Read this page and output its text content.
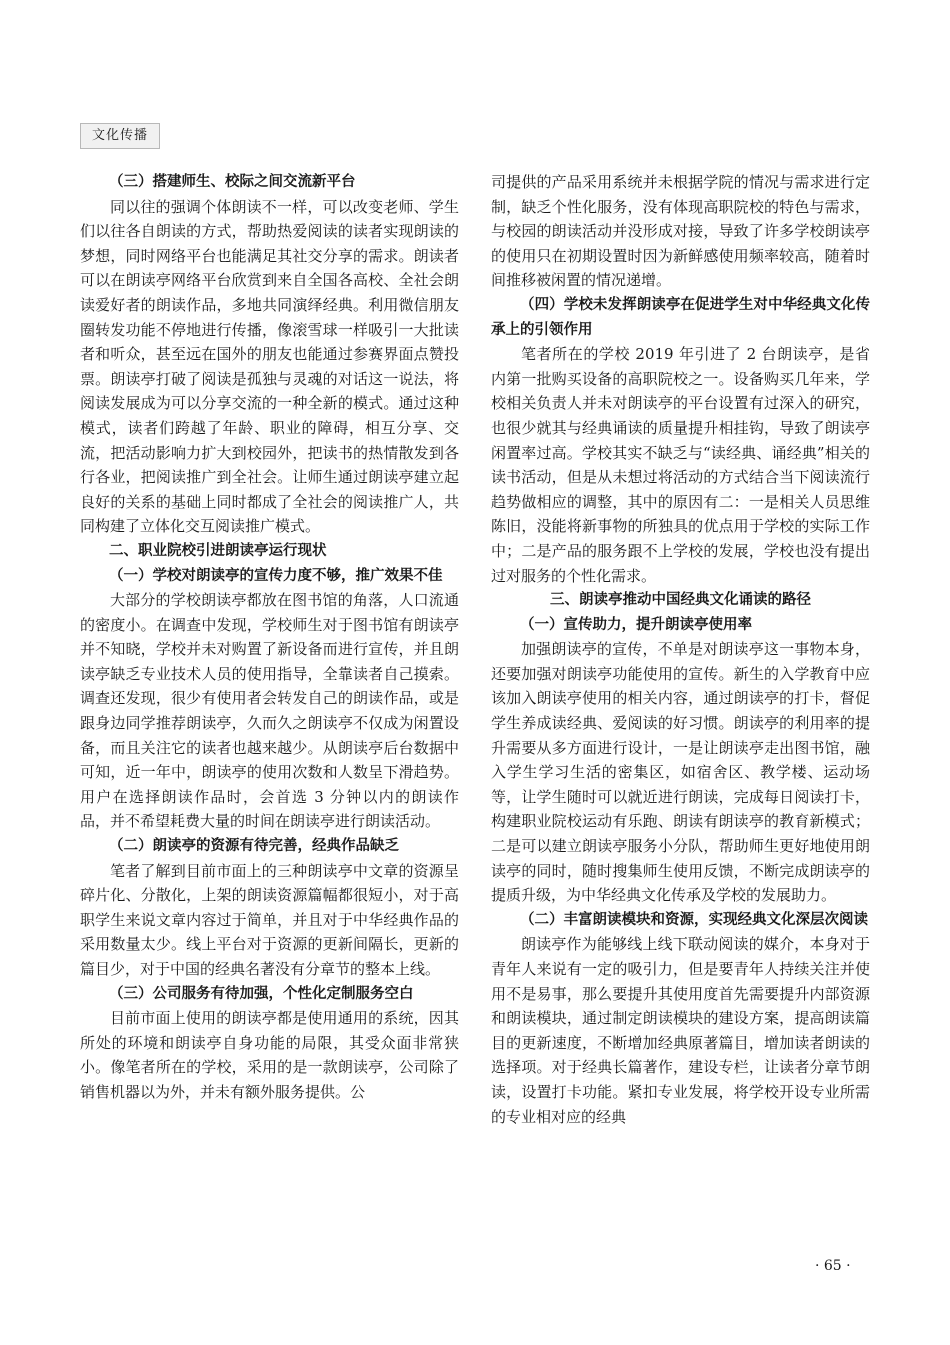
文化传播

（三）搭建师生、校际之间交流新平台

同以往的强调个体朗读不一样，可以改变老师、学生们以往各自朗读的方式，帮助热爱阅读的读者实现朗读的梦想，同时网络平台也能满足其社交分享的需求。朗读者可以在朗读亭网络平台欣赏到来自全国各高校、全社会朗读爱好者的朗读作品，多地共同演绎经典。利用微信朋友圈转发功能不停地进行传播，像滚雪球一样吸引一大批读者和听众，甚至远在国外的朋友也能通过参赛界面点赞投票。朗读亭打破了阅读是孤独与灵魂的对话这一说法，将阅读发展成为可以分享交流的一种全新的模式。通过这种模式，读者们跨越了年龄、职业的障碍，相互分享、交流，把活动影响力扩大到校园外，把读书的热情散发到各行各业，把阅读推广到全社会。让师生通过朗读亭建立起良好的关系的基础上同时都成了全社会的阅读推广人，共同构建了立体化交互阅读推广模式。

二、职业院校引进朗读亭运行现状

（一）学校对朗读亭的宣传力度不够，推广效果不佳

大部分的学校朗读亭都放在图书馆的角落，人口流通的密度小。在调查中发现，学校师生对于图书馆有朗读亭并不知晓，学校并未对购置了新设备而进行宣传，并且朗读亭缺乏专业技术人员的使用指导，全靠读者自己摸索。调查还发现，很少有使用者会转发自己的朗读作品，或是跟身边同学推荐朗读亭，久而久之朗读亭不仅成为闲置设备，而且关注它的读者也越来越少。从朗读亭后台数据中可知，近一年中，朗读亭的使用次数和人数呈下滑趋势。用户在选择朗读作品时，会首选 3 分钟以内的朗读作品，并不希望耗费大量的时间在朗读亭进行朗读活动。

（二）朗读亭的资源有待完善，经典作品缺乏

笔者了解到目前市面上的三种朗读亭中文章的资源呈碎片化、分散化，上架的朗读资源篇幅都很短小，对于高职学生来说文章内容过于简单，并且对于中华经典作品的采用数量太少。线上平台对于资源的更新间隔长，更新的篇目少，对于中国的经典名著没有分章节的整本上线。

（三）公司服务有待加强，个性化定制服务空白

目前市面上使用的朗读亭都是使用通用的系统，因其所处的环境和朗读亭自身功能的局限，其受众面非常狭小。像笔者所在的学校，采用的是一款朗读亭，公司除了销售机器以为外，并未有额外服务提供。公

司提供的产品采用系统并未根据学院的情况与需求进行定制，缺乏个性化服务，没有体现高职院校的特色与需求，与校园的朗读活动并没形成对接，导致了许多学校朗读亭的使用只在初期设置时因为新鲜感使用频率较高，随着时间推移被闲置的情况递增。

（四）学校未发挥朗读亭在促进学生对中华经典文化传承上的引领作用

笔者所在的学校 2019 年引进了 2 台朗读亭，是省内第一批购买设备的高职院校之一。设备购买几年来，学校相关负责人并未对朗读亭的平台设置有过深入的研究，也很少就其与经典诵读的质量提升相挂钩，导致了朗读亭闲置率过高。学校其实不缺乏与“读经典、诵经典”相关的读书活动，但是从未想过将活动的方式结合当下阅读流行趋势做相应的调整，其中的原因有二：一是相关人员思维陈旧，没能将新事物的所独具的优点用于学校的实际工作中；二是产品的服务跟不上学校的发展，学校也没有提出过对服务的个性化需求。

三、朗读亭推动中国经典文化诵读的路径

（一）宣传助力，提升朗读亭使用率

加强朗读亭的宣传，不单是对朗读亭这一事物本身，还要加强对朗读亭功能使用的宣传。新生的入学教育中应该加入朗读亭使用的相关内容，通过朗读亭的打卡，督促学生养成读经典、爱阅读的好习惯。朗读亭的利用率的提升需要从多方面进行设计，一是让朗读亭走出图书馆，融入学生学习生活的密集区，如宿舍区、教学楼、运动场等，让学生随时可以就近进行朗读，完成每日阅读打卡，构建职业院校运动有乐跑、朗读有朗读亭的教育新模式；二是可以建立朗读亭服务小分队，帮助师生更好地使用朗读亭的同时，随时搜集师生使用反馈，不断完成朗读亭的提质升级，为中华经典文化传承及学校的发展助力。

（二）丰富朗读模块和资源，实现经典文化深层次阅读

朗读亭作为能够线上线下联动阅读的媒介，本身对于青年人来说有一定的吸引力，但是要青年人持续关注并使用不是易事，那么要提升其使用度首先需要提升内部资源和朗读模块，通过制定朗读模块的建设方案，提高朗读篇目的更新速度，不断增加经典原著篇目，增加读者朗读的选择项。对于经典长篇著作，建设专栏，让读者分章节朗读，设置打卡功能。紧扣专业发展，将学校开设专业所需的专业相对应的经典

· 65 ·
